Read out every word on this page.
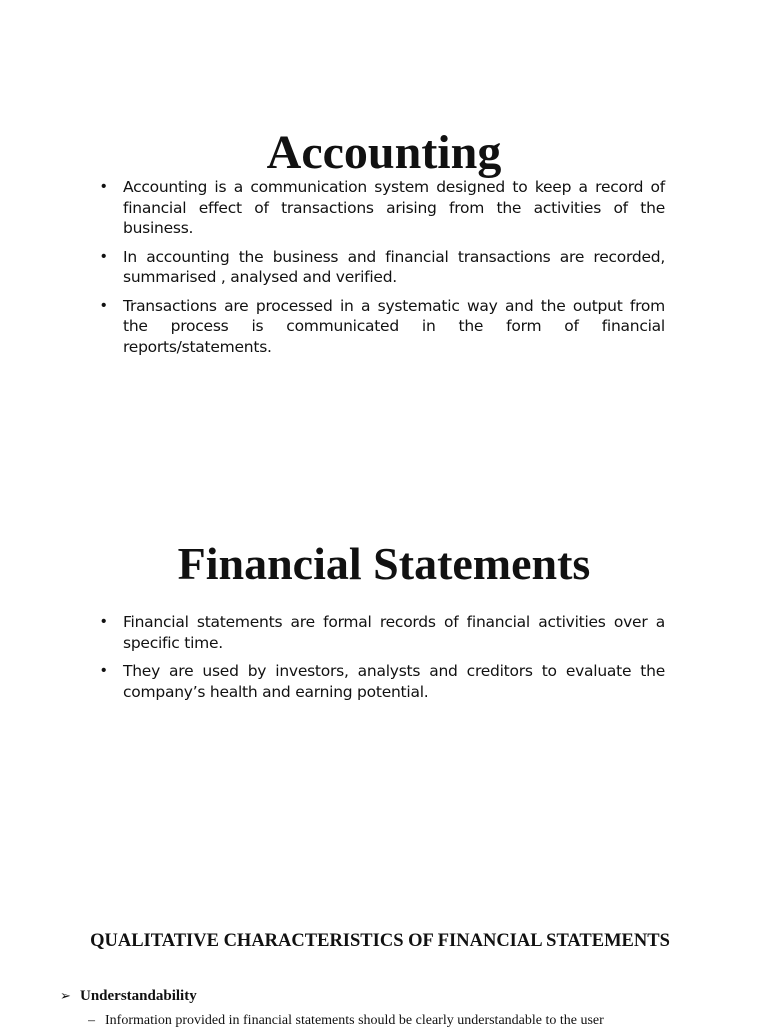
Accounting
• Accounting is a communication system designed to keep a record of financial effect of transactions arising from the activities of the business.
• In accounting the business and financial transactions are recorded, summarised , analysed and verified.
• Transactions are processed in a systematic way and the output from the process is communicated in the form of financial reports/statements.
Financial Statements
• Financial statements are formal records of financial activities over a specific time.
• They are used by investors, analysts and creditors to evaluate the company’s health and earning potential.
QUALITATIVE CHARACTERISTICS OF FINANCIAL STATEMENTS
➢ Understandability
– Information provided in financial statements should be clearly understandable to the user
